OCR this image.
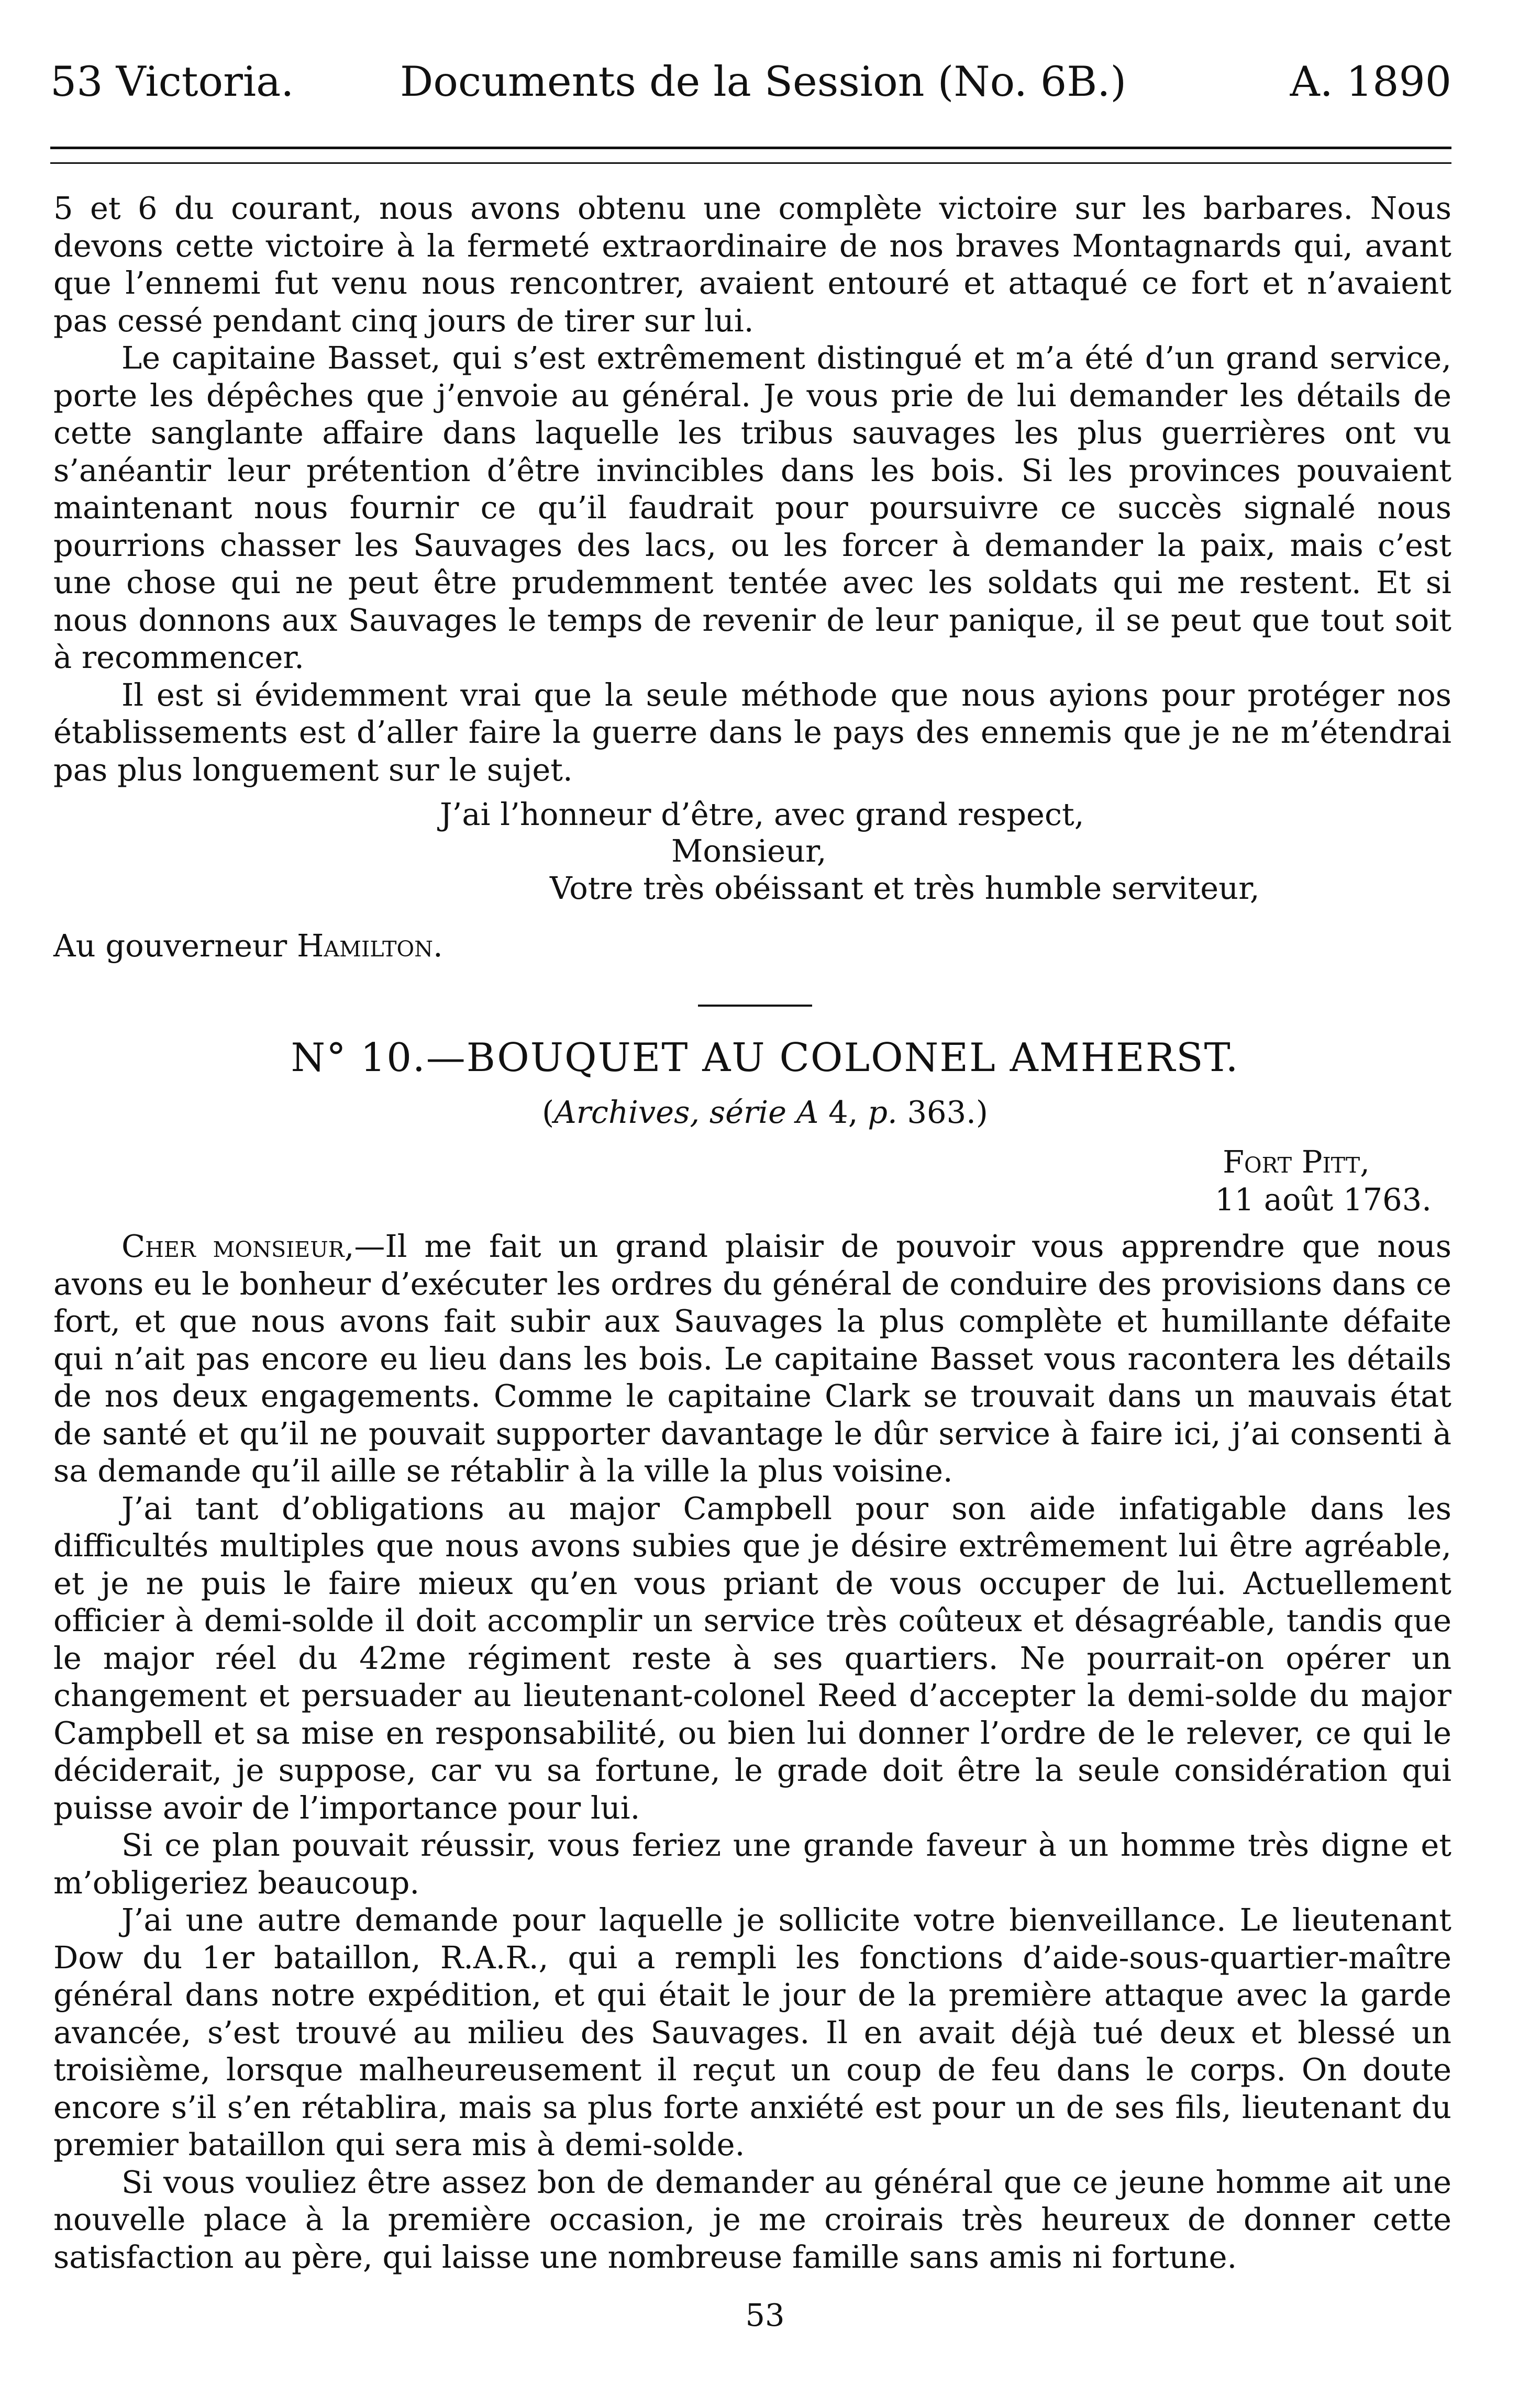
53 Victoria.	Documents de la Session (No. 6B.)	A. 1890

5 et 6 du courant, nous avons obtenu une complète victoire sur les barbares. Nous devons cette victoire à la fermeté extraordinaire de nos braves Montagnards qui, avant que l’ennemi fut venu nous rencontrer, avaient entouré et attaqué ce fort et n’avaient pas cessé pendant cinq jours de tirer sur lui.

Le capitaine Basset, qui s’est extrêmement distingué et m’a été d’un grand service, porte les dépêches que j’envoie au général. Je vous prie de lui demander les détails de cette sanglante affaire dans laquelle les tribus sauvages les plus guerrières ont vu s’anéantir leur prétention d’être invincibles dans les bois. Si les provinces pouvaient maintenant nous fournir ce qu’il faudrait pour poursuivre ce succès signalé nous pourrions chasser les Sauvages des lacs, ou les forcer à demander la paix, mais c’est une chose qui ne peut être prudemment tentée avec les soldats qui me restent. Et si nous donnons aux Sauvages le temps de revenir de leur panique, il se peut que tout soit à recommencer.

Il est si évidemment vrai que la seule méthode que nous ayions pour protéger nos établissements est d’aller faire la guerre dans le pays des ennemis que je ne m’étendrai pas plus longuement sur le sujet.

J’ai l’honneur d’être, avec grand respect,
Monsieur,
Votre très obéissant et très humble serviteur,
Au gouverneur Hamilton.
N° 10.—BOUQUET AU COLONEL AMHERST.
(Archives, série A 4, p. 363.)
Fort Pitt,
11 août 1763.

Cher monsieur,—Il me fait un grand plaisir de pouvoir vous apprendre que nous avons eu le bonheur d’exécuter les ordres du général de conduire des provisions dans ce fort, et que nous avons fait subir aux Sauvages la plus complète et humillante défaite qui n’ait pas encore eu lieu dans les bois. Le capitaine Basset vous racontera les détails de nos deux engagements. Comme le capitaine Clark se trouvait dans un mauvais état de santé et qu’il ne pouvait supporter davantage le dûr service à faire ici, j’ai consenti à sa demande qu’il aille se rétablir à la ville la plus voisine.

J’ai tant d’obligations au major Campbell pour son aide infatigable dans les difficultés multiples que nous avons subies que je désire extrêmement lui être agréable, et je ne puis le faire mieux qu’en vous priant de vous occuper de lui. Actuellement officier à demi-solde il doit accomplir un service très coûteux et désagréable, tandis que le major réel du 42me régiment reste à ses quartiers. Ne pourrait-on opérer un changement et persuader au lieutenant-colonel Reed d’accepter la demi-solde du major Campbell et sa mise en responsabilité, ou bien lui donner l’ordre de le relever, ce qui le déciderait, je suppose, car vu sa fortune, le grade doit être la seule considération qui puisse avoir de l’importance pour lui.

Si ce plan pouvait réussir, vous feriez une grande faveur à un homme très digne et m’obligeriez beaucoup.

J’ai une autre demande pour laquelle je sollicite votre bienveillance. Le lieutenant Dow du 1er bataillon, R.A.R., qui a rempli les fonctions d’aide-sous-quartier-maître général dans notre expédition, et qui était le jour de la première attaque avec la garde avancée, s’est trouvé au milieu des Sauvages. Il en avait déjà tué deux et blessé un troisième, lorsque malheureusement il reçut un coup de feu dans le corps. On doute encore s’il s’en rétablira, mais sa plus forte anxiété est pour un de ses fils, lieutenant du premier bataillon qui sera mis à demi-solde.

Si vous vouliez être assez bon de demander au général que ce jeune homme ait une nouvelle place à la première occasion, je me croirais très heureux de donner cette satisfaction au père, qui laisse une nombreuse famille sans amis ni fortune.

53
